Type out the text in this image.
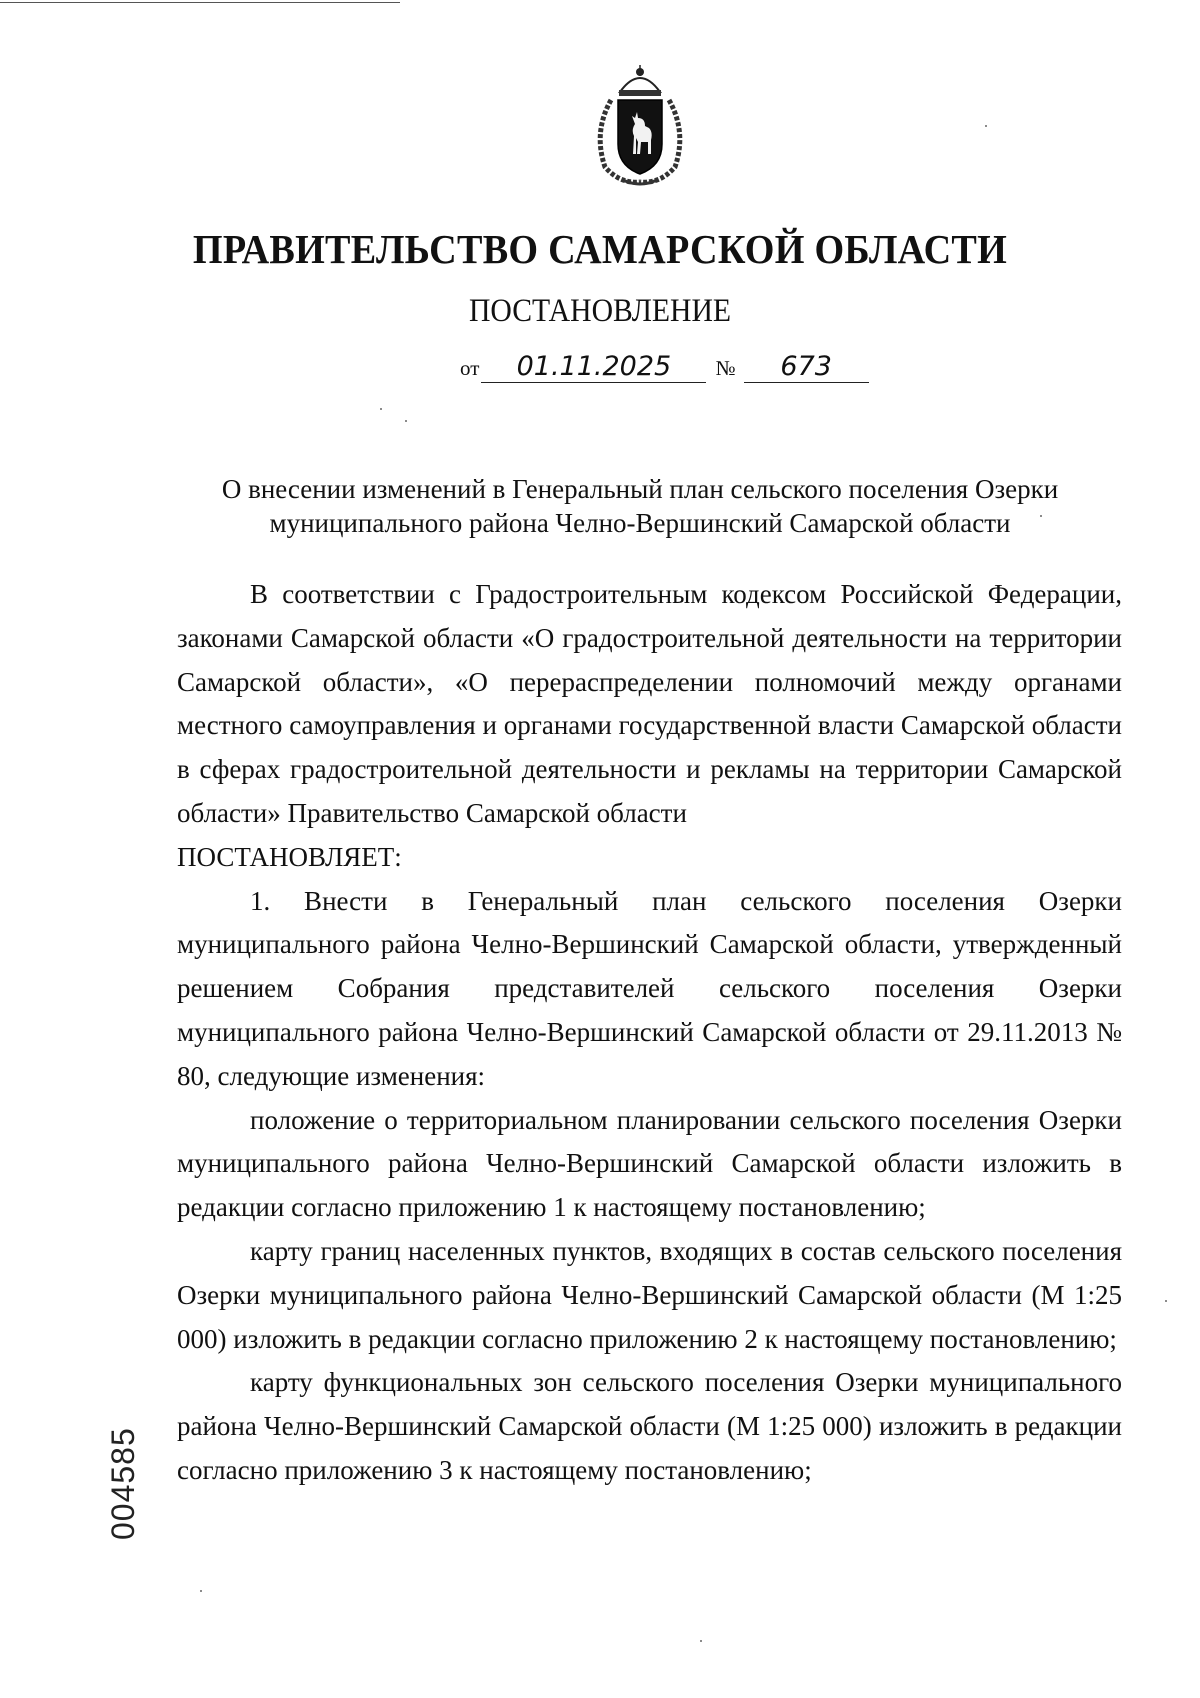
ПРАВИТЕЛЬСТВО САМАРСКОЙ ОБЛАСТИ
ПОСТАНОВЛЕНИЕ
от 01.11.2025 № 673
О внесении изменений в Генеральный план сельского поселения Озерки
муниципального района Челно-Вершинский Самарской области

В соответствии с Градостроительным кодексом Российской Федерации, законами Самарской области «О градостроительной деятельности на территории Самарской области», «О перераспределении полномочий между органами местного самоуправления и органами государственной власти Самарской области в сферах градостроительной деятельности и рекламы на территории Самарской области» Правительство Самарской области

ПОСТАНОВЛЯЕТ:

1. Внести в Генеральный план сельского поселения Озерки муниципального района Челно-Вершинский Самарской области, утвержденный решением Собрания представителей сельского поселения Озерки муниципального района Челно-Вершинский Самарской области от 29.11.2013 № 80, следующие изменения:

положение о территориальном планировании сельского поселения Озерки муниципального района Челно-Вершинский Самарской области изложить в редакции согласно приложению 1 к настоящему постановлению;

карту границ населенных пунктов, входящих в состав сельского поселения Озерки муниципального района Челно-Вершинский Самарской области (М 1:25 000) изложить в редакции согласно приложению 2 к настоящему постановлению;

карту функциональных зон сельского поселения Озерки муниципального района Челно-Вершинский Самарской области (М 1:25 000) изложить в редакции согласно приложению 3 к настоящему постановлению;

004585
